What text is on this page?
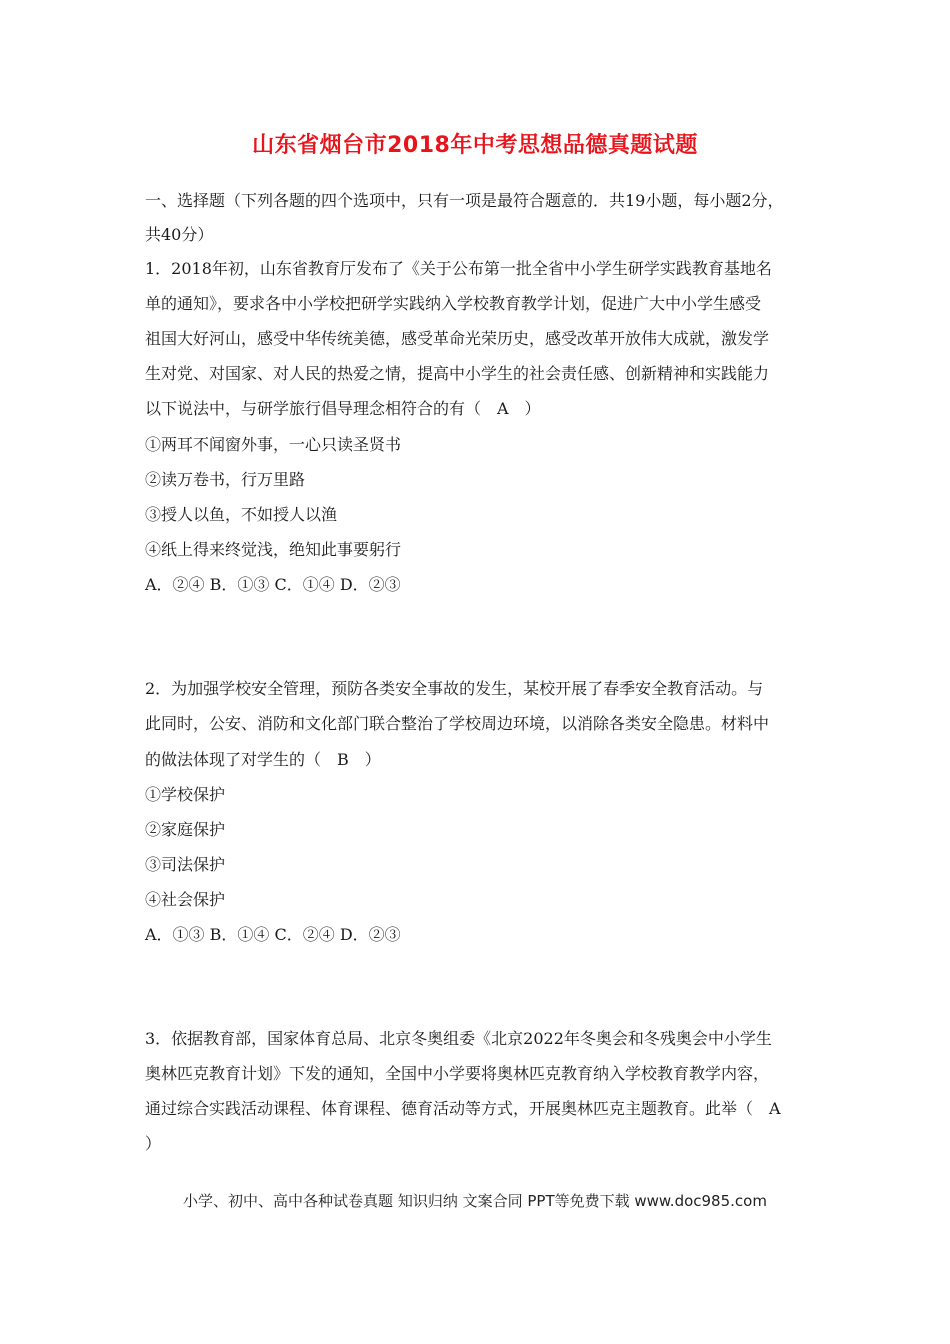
山东省烟台市2018年中考思想品德真题试题
一、选择题（下列各题的四个选项中，只有一项是最符合题意的．共19小题，每小题2分，
共40分）
1．2018年初，山东省教育厅发布了《关于公布第一批全省中小学生研学实践教育基地名
单的通知》，要求各中小学校把研学实践纳入学校教育教学计划，促进广大中小学生感受
祖国大好河山，感受中华传统美德，感受革命光荣历史，感受改革开放伟大成就，激发学
生对党、对国家、对人民的热爱之情，提高中小学生的社会责任感、创新精神和实践能力
以下说法中，与研学旅行倡导理念相符合的有（　A　）
①两耳不闻窗外事，一心只读圣贤书
②读万卷书，行万里路
③授人以鱼，不如授人以渔
④纸上得来终觉浅，绝知此事要躬行
A．②④ B．①③ C．①④ D．②③
2．为加强学校安全管理，预防各类安全事故的发生，某校开展了春季安全教育活动。与
此同时，公安、消防和文化部门联合整治了学校周边环境，以消除各类安全隐患。材料中
的做法体现了对学生的（　B　）
①学校保护
②家庭保护
③司法保护
④社会保护
A．①③ B．①④ C．②④ D．②③
3．依据教育部，国家体育总局、北京冬奥组委《北京2022年冬奥会和冬残奥会中小学生
奥林匹克教育计划》下发的通知，全国中小学要将奥林匹克教育纳入学校教育教学内容，
通过综合实践活动课程、体育课程、德育活动等方式，开展奥林匹克主题教育。此举（　A
）
小学、初中、高中各种试卷真题 知识归纳 文案合同 PPT等免费下载 www.doc985.com
